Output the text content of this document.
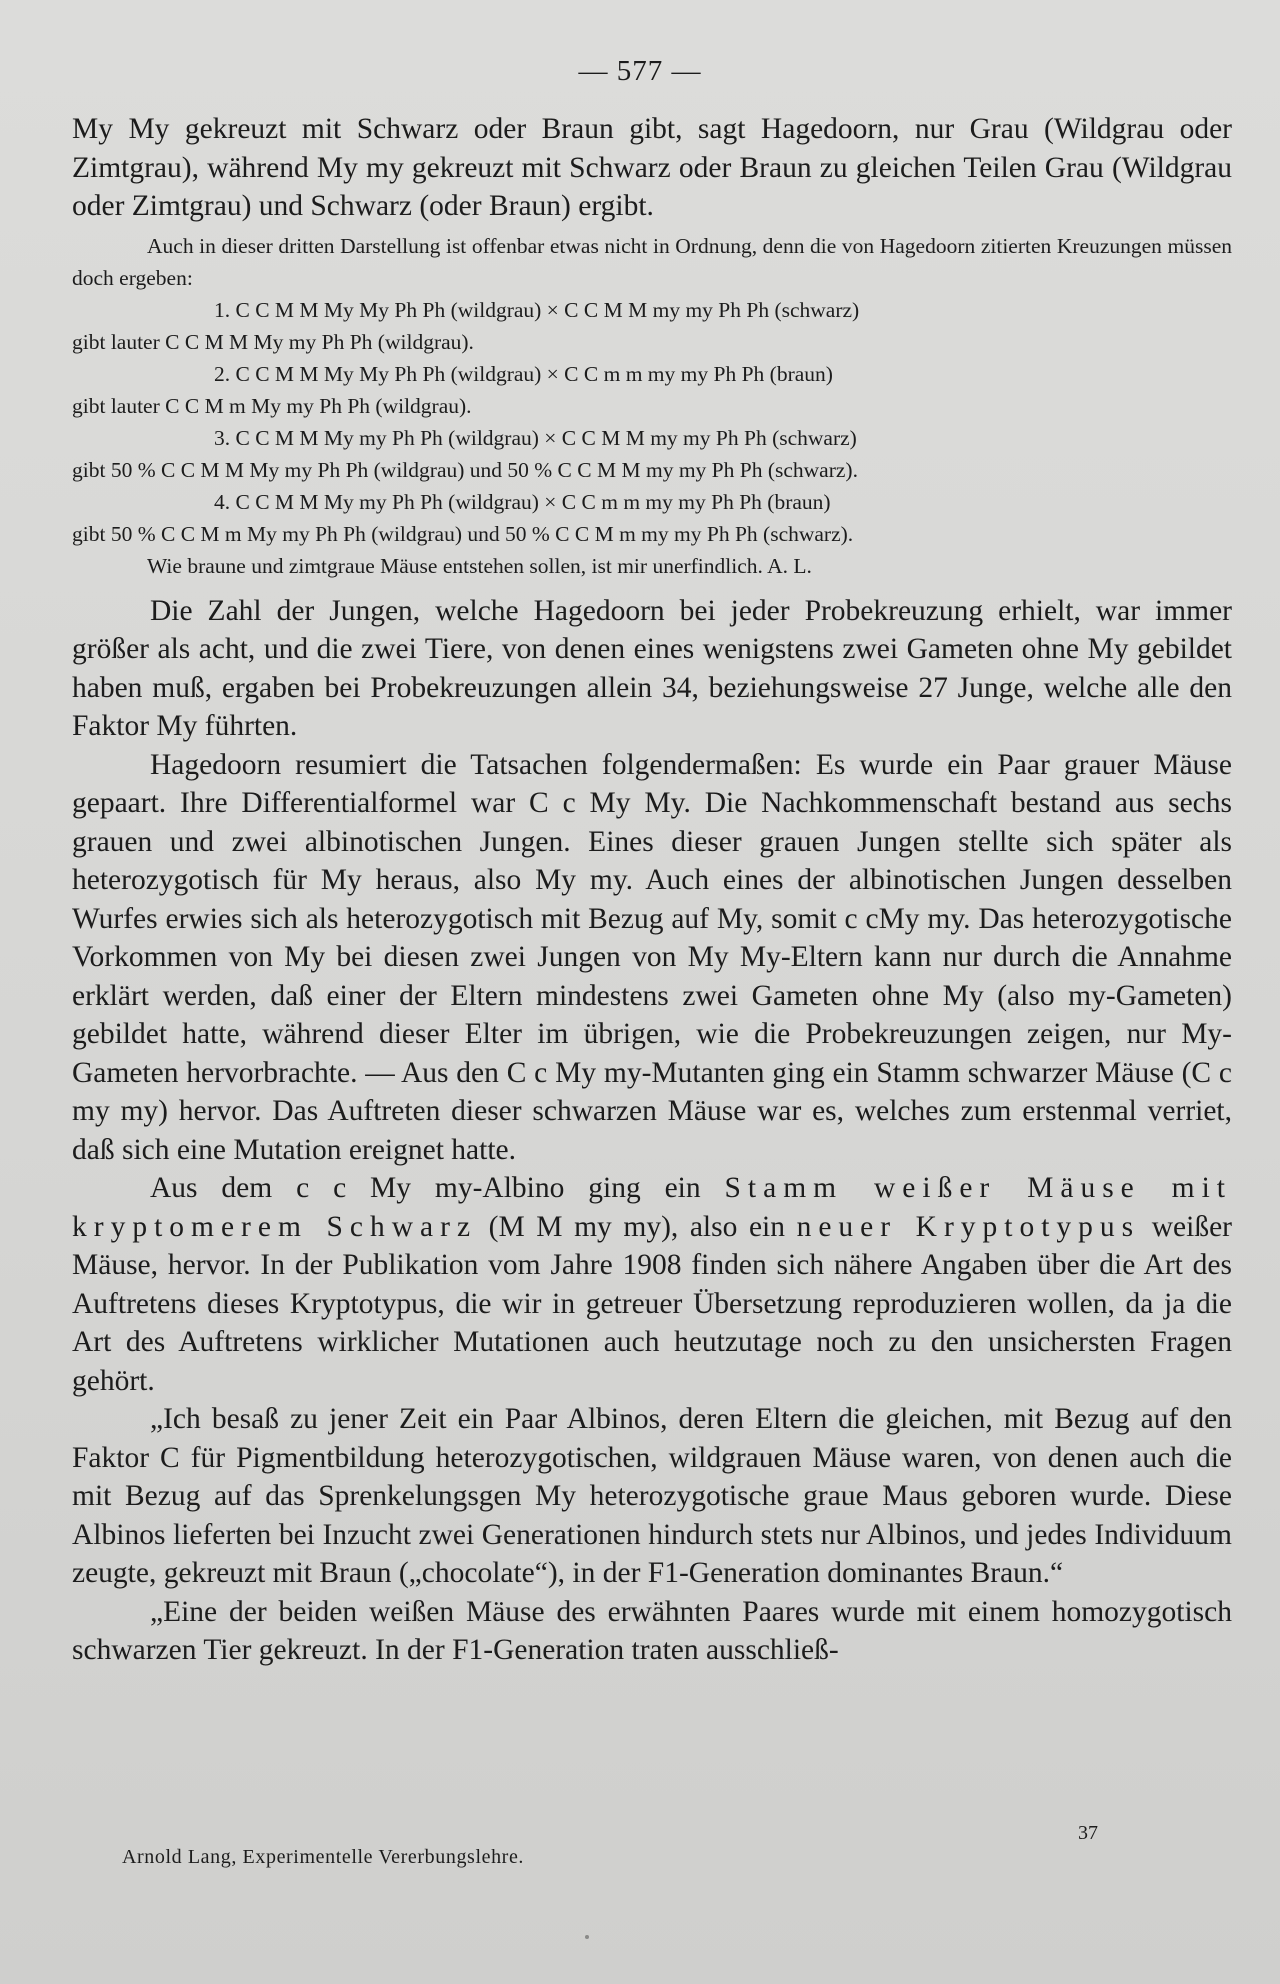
— 577 —

My My gekreuzt mit Schwarz oder Braun gibt, sagt Hagedoorn, nur Grau (Wildgrau oder Zimtgrau), während My my gekreuzt mit Schwarz oder Braun zu gleichen Teilen Grau (Wildgrau oder Zimtgrau) und Schwarz (oder Braun) ergibt.

Auch in dieser dritten Darstellung ist offenbar etwas nicht in Ordnung, denn die von Hagedoorn zitierten Kreuzungen müssen doch ergeben:

1. C C M M My My Ph Ph (wildgrau) × C C M M my my Ph Ph (schwarz)

gibt lauter C C M M My my Ph Ph (wildgrau).

2. C C M M My My Ph Ph (wildgrau) × C C m m my my Ph Ph (braun)

gibt lauter C C M m My my Ph Ph (wildgrau).

3. C C M M My my Ph Ph (wildgrau) × C C M M my my Ph Ph (schwarz)

gibt 50 % C C M M My my Ph Ph (wildgrau) und 50 % C C M M my my Ph Ph (schwarz).

4. C C M M My my Ph Ph (wildgrau) × C C m m my my Ph Ph (braun)

gibt 50 % C C M m My my Ph Ph (wildgrau) und 50 % C C M m my my Ph Ph (schwarz).

Wie braune und zimtgraue Mäuse entstehen sollen, ist mir unerfindlich. A. L.

Die Zahl der Jungen, welche Hagedoorn bei jeder Probekreuzung erhielt, war immer größer als acht, und die zwei Tiere, von denen eines wenigstens zwei Gameten ohne My gebildet haben muß, ergaben bei Probekreuzungen allein 34, beziehungsweise 27 Junge, welche alle den Faktor My führten.

Hagedoorn resumiert die Tatsachen folgendermaßen: Es wurde ein Paar grauer Mäuse gepaart. Ihre Differentialformel war C c My My. Die Nachkommenschaft bestand aus sechs grauen und zwei albinotischen Jungen. Eines dieser grauen Jungen stellte sich später als heterozygotisch für My heraus, also My my. Auch eines der albinotischen Jungen desselben Wurfes erwies sich als heterozygotisch mit Bezug auf My, somit c cMy my. Das heterozygotische Vorkommen von My bei diesen zwei Jungen von My My-Eltern kann nur durch die Annahme erklärt werden, daß einer der Eltern mindestens zwei Gameten ohne My (also my-Gameten) gebildet hatte, während dieser Elter im übrigen, wie die Probekreuzungen zeigen, nur My-Gameten hervorbrachte. — Aus den C c My my-Mutanten ging ein Stamm schwarzer Mäuse (C c my my) hervor. Das Auftreten dieser schwarzen Mäuse war es, welches zum erstenmal verriet, daß sich eine Mutation ereignet hatte.

Aus dem c c My my-Albino ging ein Stamm weißer Mäuse mit kryptomerem Schwarz (M M my my), also ein neuer Kryptotypus weißer Mäuse, hervor. In der Publikation vom Jahre 1908 finden sich nähere Angaben über die Art des Auftretens dieses Kryptotypus, die wir in getreuer Übersetzung reproduzieren wollen, da ja die Art des Auftretens wirklicher Mutationen auch heutzutage noch zu den unsichersten Fragen gehört.

„Ich besaß zu jener Zeit ein Paar Albinos, deren Eltern die gleichen, mit Bezug auf den Faktor C für Pigmentbildung heterozygotischen, wildgrauen Mäuse waren, von denen auch die mit Bezug auf das Sprenkelungsgen My heterozygotische graue Maus geboren wurde. Diese Albinos lieferten bei Inzucht zwei Generationen hindurch stets nur Albinos, und jedes Individuum zeugte, gekreuzt mit Braun („chocolate“), in der F1-Generation dominantes Braun.“

„Eine der beiden weißen Mäuse des erwähnten Paares wurde mit einem homozygotisch schwarzen Tier gekreuzt. In der F1-Generation traten ausschließ-

37
Arnold Lang, Experimentelle Vererbungslehre.
